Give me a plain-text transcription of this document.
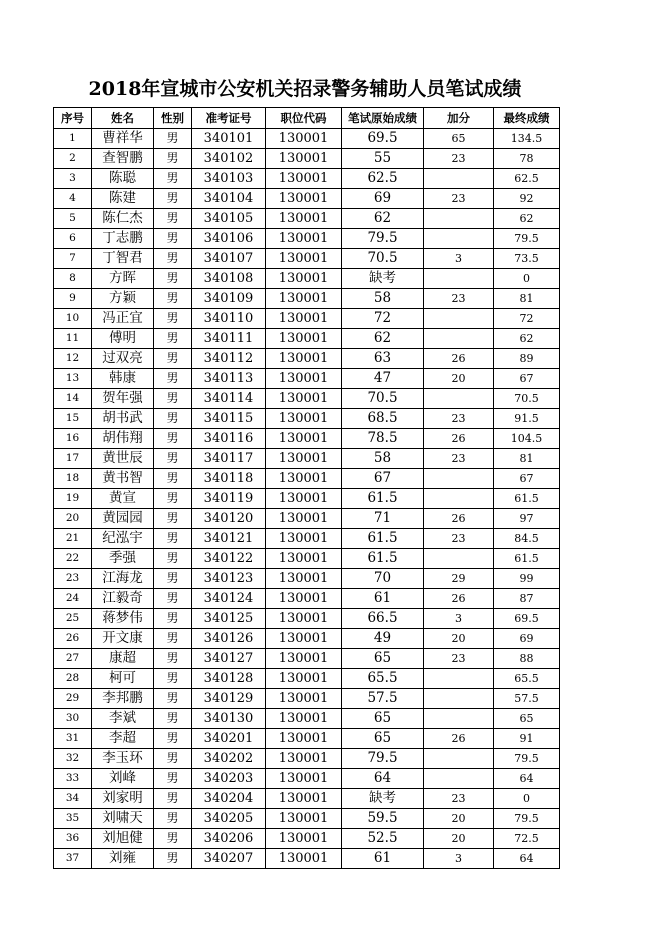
2018年宣城市公安机关招录警务辅助人员笔试成绩
序号	姓名	性别	准考证号	职位代码	笔试原始成绩	加分	最终成绩
1	曹祥华	男	340101	130001	69.5	65	134.5
2	查智鹏	男	340102	130001	55	23	78
3	陈聪	男	340103	130001	62.5		62.5
4	陈建	男	340104	130001	69	23	92
5	陈仁杰	男	340105	130001	62		62
6	丁志鹏	男	340106	130001	79.5		79.5
7	丁智君	男	340107	130001	70.5	3	73.5
8	方晖	男	340108	130001	缺考		0
9	方颖	男	340109	130001	58	23	81
10	冯正宜	男	340110	130001	72		72
11	傅明	男	340111	130001	62		62
12	过双亮	男	340112	130001	63	26	89
13	韩康	男	340113	130001	47	20	67
14	贺年强	男	340114	130001	70.5		70.5
15	胡书武	男	340115	130001	68.5	23	91.5
16	胡伟翔	男	340116	130001	78.5	26	104.5
17	黄世辰	男	340117	130001	58	23	81
18	黄书智	男	340118	130001	67		67
19	黄宣	男	340119	130001	61.5		61.5
20	黄园园	男	340120	130001	71	26	97
21	纪泓宇	男	340121	130001	61.5	23	84.5
22	季强	男	340122	130001	61.5		61.5
23	江海龙	男	340123	130001	70	29	99
24	江毅奇	男	340124	130001	61	26	87
25	蒋梦伟	男	340125	130001	66.5	3	69.5
26	开文康	男	340126	130001	49	20	69
27	康超	男	340127	130001	65	23	88
28	柯可	男	340128	130001	65.5		65.5
29	李邦鹏	男	340129	130001	57.5		57.5
30	李斌	男	340130	130001	65		65
31	李超	男	340201	130001	65	26	91
32	李玉环	男	340202	130001	79.5		79.5
33	刘峰	男	340203	130001	64		64
34	刘家明	男	340204	130001	缺考	23	0
35	刘啸天	男	340205	130001	59.5	20	79.5
36	刘旭健	男	340206	130001	52.5	20	72.5
37	刘雍	男	340207	130001	61	3	64
